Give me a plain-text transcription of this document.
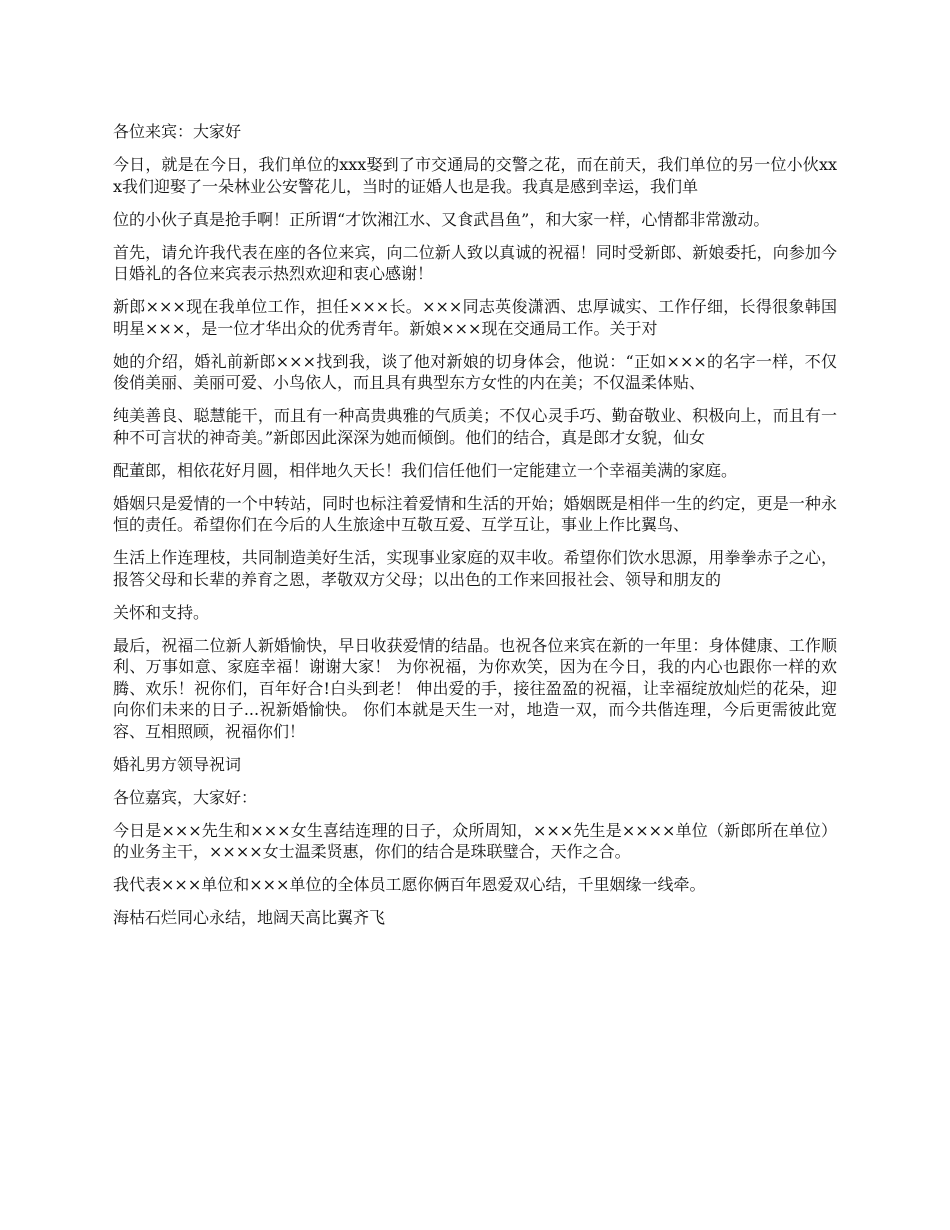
各位来宾：大家好

今日，就是在今日，我们单位的xxx娶到了市交通局的交警之花，而在前天，我们单位的另一位小伙xxx我们迎娶了一朵林业公安警花儿，当时的证婚人也是我。我真是感到幸运，我们单

位的小伙子真是抢手啊！正所谓“才饮湘江水、又食武昌鱼”，和大家一样，心情都非常激动。

首先，请允许我代表在座的各位来宾，向二位新人致以真诚的祝福！同时受新郎、新娘委托，向参加今日婚礼的各位来宾表示热烈欢迎和衷心感谢！

新郎×××现在我单位工作，担任×××长。×××同志英俊潇洒、忠厚诚实、工作仔细，长得很象韩国明星×××，是一位才华出众的优秀青年。新娘×××现在交通局工作。关于对

她的介绍，婚礼前新郎×××找到我，谈了他对新娘的切身体会，他说：“正如×××的名字一样，不仅俊俏美丽、美丽可爱、小鸟依人，而且具有典型东方女性的内在美；不仅温柔体贴、

纯美善良、聪慧能干，而且有一种高贵典雅的气质美；不仅心灵手巧、勤奋敬业、积极向上，而且有一种不可言状的神奇美。”新郎因此深深为她而倾倒。他们的结合，真是郎才女貌，仙女

配董郎，相依花好月圆，相伴地久天长！我们信任他们一定能建立一个幸福美满的家庭。

婚姻只是爱情的一个中转站，同时也标注着爱情和生活的开始；婚姻既是相伴一生的约定，更是一种永恒的责任。希望你们在今后的人生旅途中互敬互爱、互学互让，事业上作比翼鸟、

生活上作连理枝，共同制造美好生活，实现事业家庭的双丰收。希望你们饮水思源，用拳拳赤子之心，报答父母和长辈的养育之恩，孝敬双方父母；以出色的工作来回报社会、领导和朋友的

关怀和支持。

最后，祝福二位新人新婚愉快，早日收获爱情的结晶。也祝各位来宾在新的一年里：身体健康、工作顺利、万事如意、家庭幸福！谢谢大家！ 为你祝福，为你欢笑，因为在今日，我的内心也跟你一样的欢腾、欢乐！祝你们，百年好合!白头到老！ 伸出爱的手，接往盈盈的祝福，让幸福绽放灿烂的花朵，迎向你们未来的日子...祝新婚愉快。 你们本就是天生一对，地造一双，而今共偕连理，今后更需彼此宽容、互相照顾，祝福你们！

婚礼男方领导祝词

各位嘉宾，大家好：

今日是×××先生和×××女生喜结连理的日子，众所周知，×××先生是××××单位（新郎所在单位）的业务主干，××××女士温柔贤惠，你们的结合是珠联璧合，天作之合。

我代表×××单位和×××单位的全体员工愿你俩百年恩爱双心结，千里姻缘一线牵。

海枯石烂同心永结，地阔天高比翼齐飞
